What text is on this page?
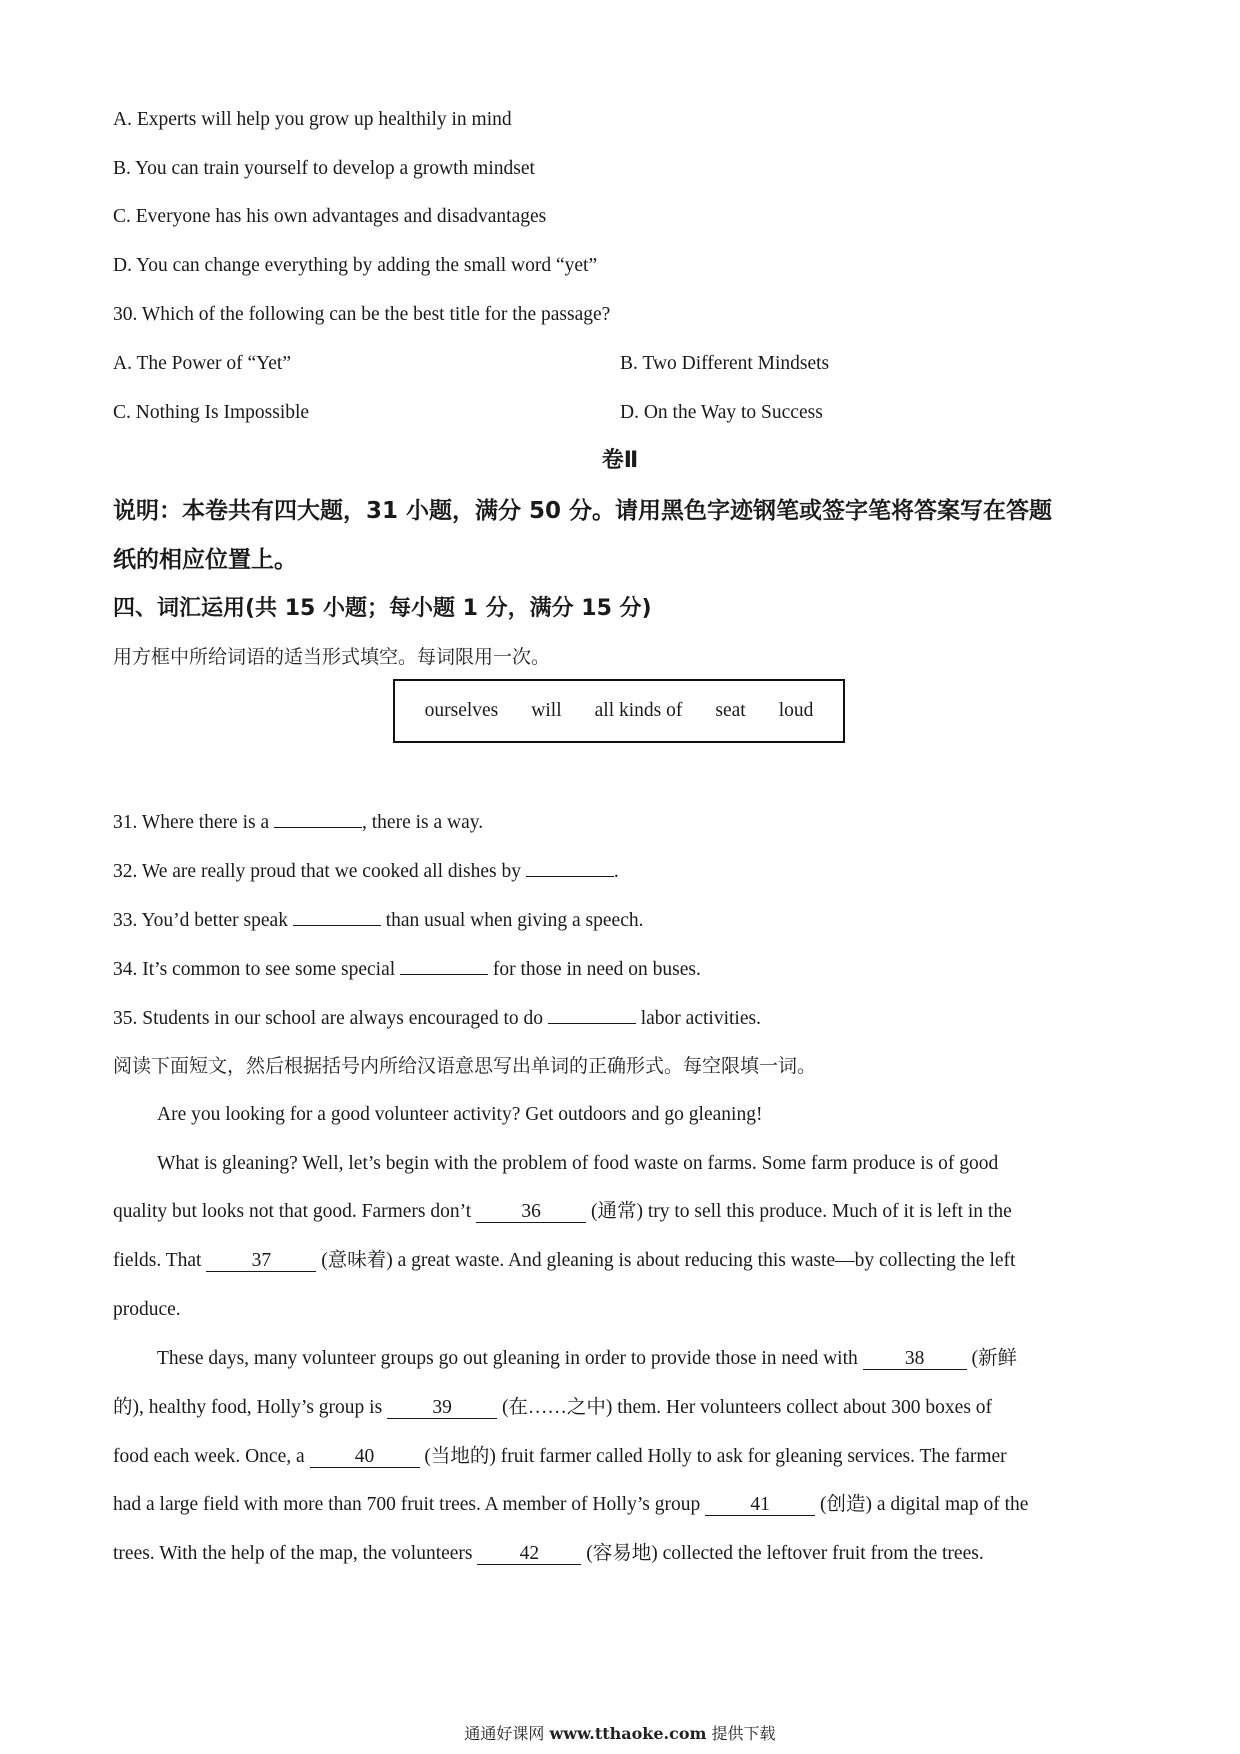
A. Experts will help you grow up healthily in mind
B. You can train yourself to develop a growth mindset
C. Everyone has his own advantages and disadvantages
D. You can change everything by adding the small word “yet”
30. Which of the following can be the best title for the passage?
A. The Power of “Yet”	B. Two Different Mindsets
C. Nothing Is Impossible	D. On the Way to Success
卷Ⅱ
说明：本卷共有四大题，31 小题，满分 50 分。请用黑色字迹钢笔或签字笔将答案写在答题
纸的相应位置上。
四、词汇运用(共 15 小题；每小题 1 分，满分 15 分)
用方框中所给词语的适当形式填空。每词限用一次。
ourselves will all kinds of seat loud
31. Where there is a	, there is a way.
32. We are really proud that we cooked all dishes by	.
33. You’d better speak	than usual when giving a speech.
34. It’s common to see some special	for those in need on buses.
35. Students in our school are always encouraged to do	labor activities.
阅读下面短文，然后根据括号内所给汉语意思写出单词的正确形式。每空限填一词。
Are you looking for a good volunteer activity? Get outdoors and go gleaning!
What is gleaning? Well, let’s begin with the problem of food waste on farms. Some farm produce is of good
quality but looks not that good. Farmers don’t 36 (通常) try to sell this produce. Much of it is left in the
fields. That 37 (意味着) a great waste. And gleaning is about reducing this waste—by collecting the left
produce.
These days, many volunteer groups go out gleaning in order to provide those in need with 38 (新鲜
的), healthy food, Holly’s group is 39 (在……之中) them. Her volunteers collect about 300 boxes of
food each week. Once, a 40 (当地的) fruit farmer called Holly to ask for gleaning services. The farmer
had a large field with more than 700 fruit trees. A member of Holly’s group 41 (创造) a digital map of the
trees. With the help of the map, the volunteers 42 (容易地) collected the leftover fruit from the trees.
通通好课网 www.tthaoke.com 提供下载
